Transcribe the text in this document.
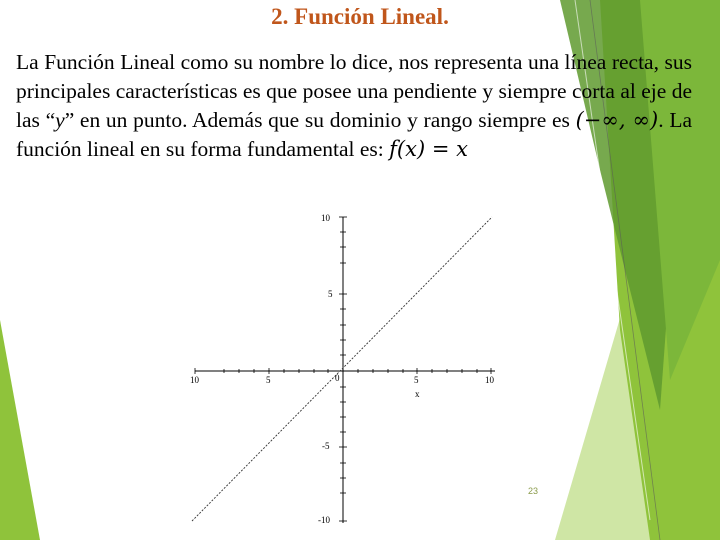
2. Función Lineal.
La Función Lineal como su nombre lo dice, nos representa una línea recta, sus principales características es que posee una pendiente y siempre corta al eje de las “y” en un punto. Además que su dominio y rango siempre es (−∞, ∞). La función lineal en su forma fundamental es: f(x) = x
10	5	0	5	10
x
10
5
-5
-10
23
